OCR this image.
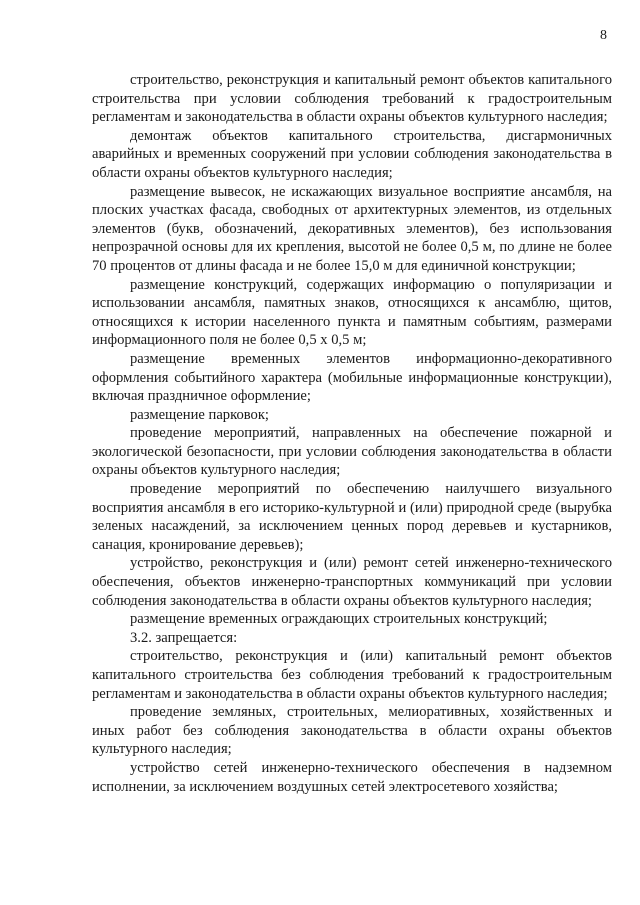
8

строительство, реконструкция и капитальный ремонт объектов капитального строительства при условии соблюдения требований к градостроительным регламентам и законодательства в области охраны объектов культурного наследия;

демонтаж объектов капитального строительства, дисгармоничных аварийных и временных сооружений при условии соблюдения законодательства в области охраны объектов культурного наследия;

размещение вывесок, не искажающих визуальное восприятие ансамбля, на плоских участках фасада, свободных от архитектурных элементов, из отдельных элементов (букв, обозначений, декоративных элементов), без использования непрозрачной основы для их крепления, высотой не более 0,5 м, по длине не более 70 процентов от длины фасада и не более 15,0 м для единичной конструкции;

размещение конструкций, содержащих информацию о популяризации и использовании ансамбля, памятных знаков, относящихся к ансамблю, щитов, относящихся к истории населенного пункта и памятным событиям, размерами информационного поля не более 0,5 х 0,5 м;

размещение временных элементов информационно-декоративного оформления событийного характера (мобильные информационные конструкции), включая праздничное оформление;

размещение парковок;

проведение мероприятий, направленных на обеспечение пожарной и экологической безопасности, при условии соблюдения законодательства в области охраны объектов культурного наследия;

проведение мероприятий по обеспечению наилучшего визуального восприятия ансамбля в его историко-культурной и (или) природной среде (вырубка зеленых насаждений, за исключением ценных пород деревьев и кустарников, санация, кронирование деревьев);

устройство, реконструкция и (или) ремонт сетей инженерно-технического обеспечения, объектов инженерно-транспортных коммуникаций при условии соблюдения законодательства в области охраны объектов культурного наследия;

размещение временных ограждающих строительных конструкций;

3.2. запрещается:

строительство, реконструкция и (или) капитальный ремонт объектов капитального строительства без соблюдения требований к градостроительным регламентам и законодательства в области охраны объектов культурного наследия;

проведение земляных, строительных, мелиоративных, хозяйственных и иных работ без соблюдения законодательства в области охраны объектов культурного наследия;

устройство сетей инженерно-технического обеспечения в надземном исполнении, за исключением воздушных сетей электросетевого хозяйства;
